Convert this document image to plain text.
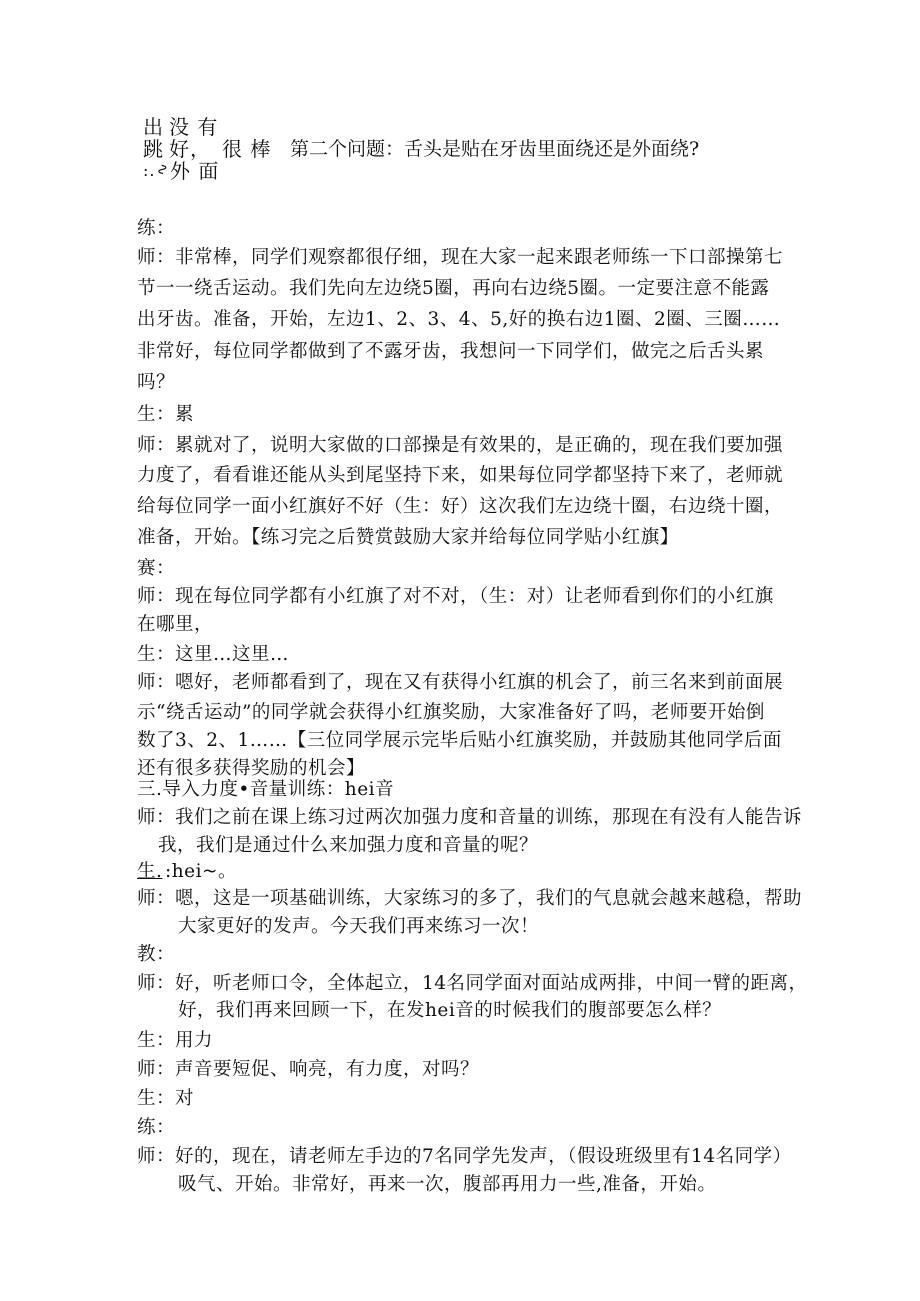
出 没 有
跳 好， 很 棒
:.
∿ 外 面
第二个问题：舌头是贴在牙齿里面绕还是外面绕?
练：
师：非常棒，同学们观察都很仔细，现在大家一起来跟老师练一下口部操第七
节一一绕舌运动。我们先向左边绕5圈，再向右边绕5圈。一定要注意不能露
出牙齿。准备，开始，左边1、2、3、4、5,好的换右边1圈、2圈、三圈……
非常好，每位同学都做到了不露牙齿，我想问一下同学们，做完之后舌头累
吗？
生：累
师：累就对了，说明大家做的口部操是有效果的，是正确的，现在我们要加强
力度了，看看谁还能从头到尾坚持下来，如果每位同学都坚持下来了，老师就
给每位同学一面小红旗好不好（生：好）这次我们左边绕十圈，右边绕十圈，
准备，开始。【练习完之后赞赏鼓励大家并给每位同学贴小红旗】
赛：
师：现在每位同学都有小红旗了对不对，（生：对）让老师看到你们的小红旗
在哪里，
生：这里…这里…
师：嗯好，老师都看到了，现在又有获得小红旗的机会了，前三名来到前面展
示“绕舌运动”的同学就会获得小红旗奖励，大家准备好了吗，老师要开始倒
数了3、2、1……【三位同学展示完毕后贴小红旗奖励，并鼓励其他同学后面
还有很多获得奖励的机会】
三.导入力度•音量训练：hei音
师：我们之前在课上练习过两次加强力度和音量的训练，那现在有没有人能告诉
我，我们是通过什么来加强力度和音量的呢？
生. :hei~。
师：嗯，这是一项基础训练，大家练习的多了，我们的气息就会越来越稳，帮助
大家更好的发声。今天我们再来练习一次！
教：
师：好，听老师口令，全体起立，14名同学面对面站成两排，中间一臂的距离，
好，我们再来回顾一下，在发hei音的时候我们的腹部要怎么样？
生：用力
师：声音要短促、响亮，有力度，对吗？
生：对
练：
师：好的，现在，请老师左手边的7名同学先发声，（假设班级里有14名同学）
吸气、开始。非常好，再来一次，腹部再用力一些,准备，开始。
